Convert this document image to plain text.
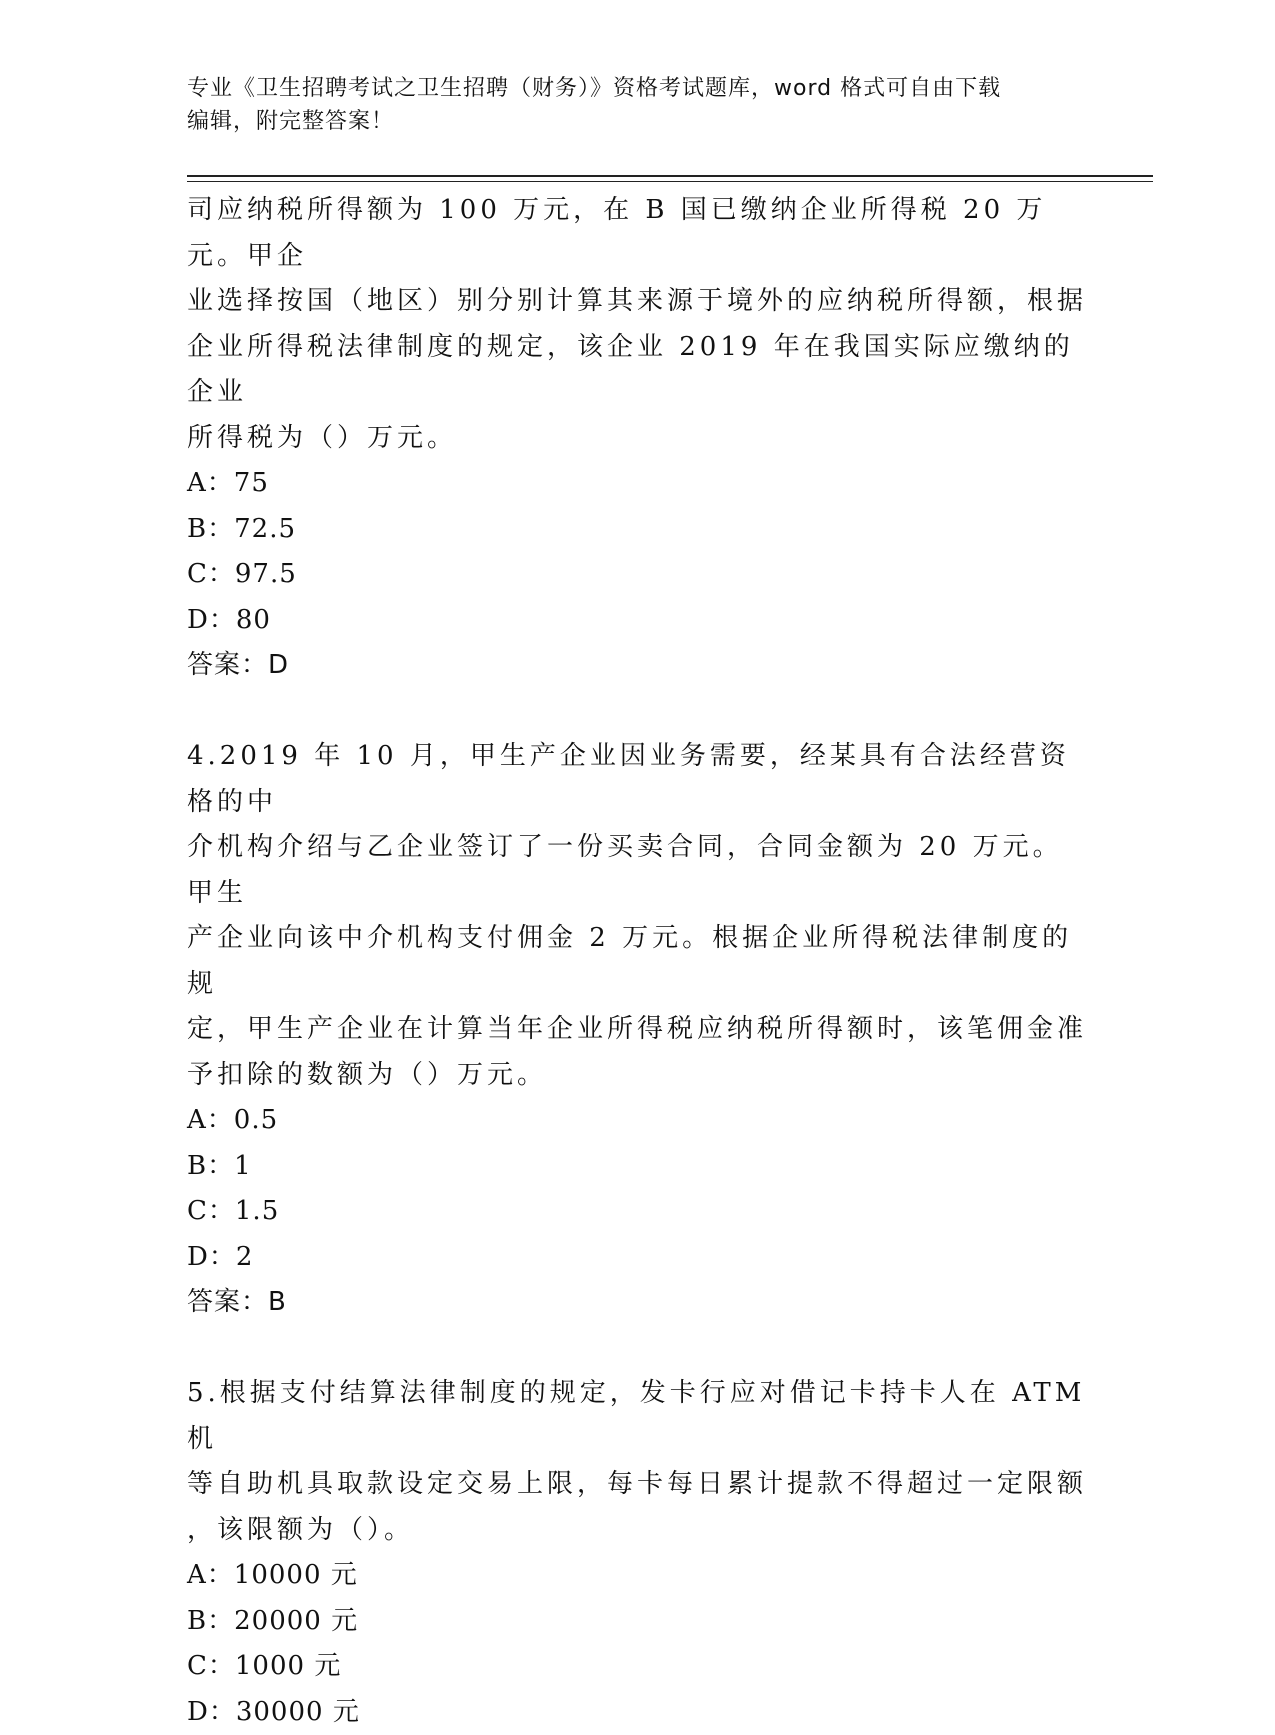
专业《卫生招聘考试之卫生招聘（财务）》资格考试题库，word 格式可自由下载
编辑，附完整答案！

司应纳税所得额为 100 万元，在 B 国已缴纳企业所得税 20 万元。甲企

业选择按国（地区）别分别计算其来源于境外的应纳税所得额，根据

企业所得税法律制度的规定，该企业 2019 年在我国实际应缴纳的企业

所得税为（）万元。

A：75

B：72.5

C：97.5

D：80

答案：D

4.2019 年 10 月，甲生产企业因业务需要，经某具有合法经营资格的中

介机构介绍与乙企业签订了一份买卖合同，合同金额为 20 万元。甲生

产企业向该中介机构支付佣金 2 万元。根据企业所得税法律制度的规

定，甲生产企业在计算当年企业所得税应纳税所得额时，该笔佣金准

予扣除的数额为（）万元。

A：0.5

B：1

C：1.5

D：2

答案：B

5.根据支付结算法律制度的规定，发卡行应对借记卡持卡人在 ATM 机

等自助机具取款设定交易上限，每卡每日累计提款不得超过一定限额

，该限额为（）。

A：10000 元

B：20000 元

C：1000 元

D：30000 元
